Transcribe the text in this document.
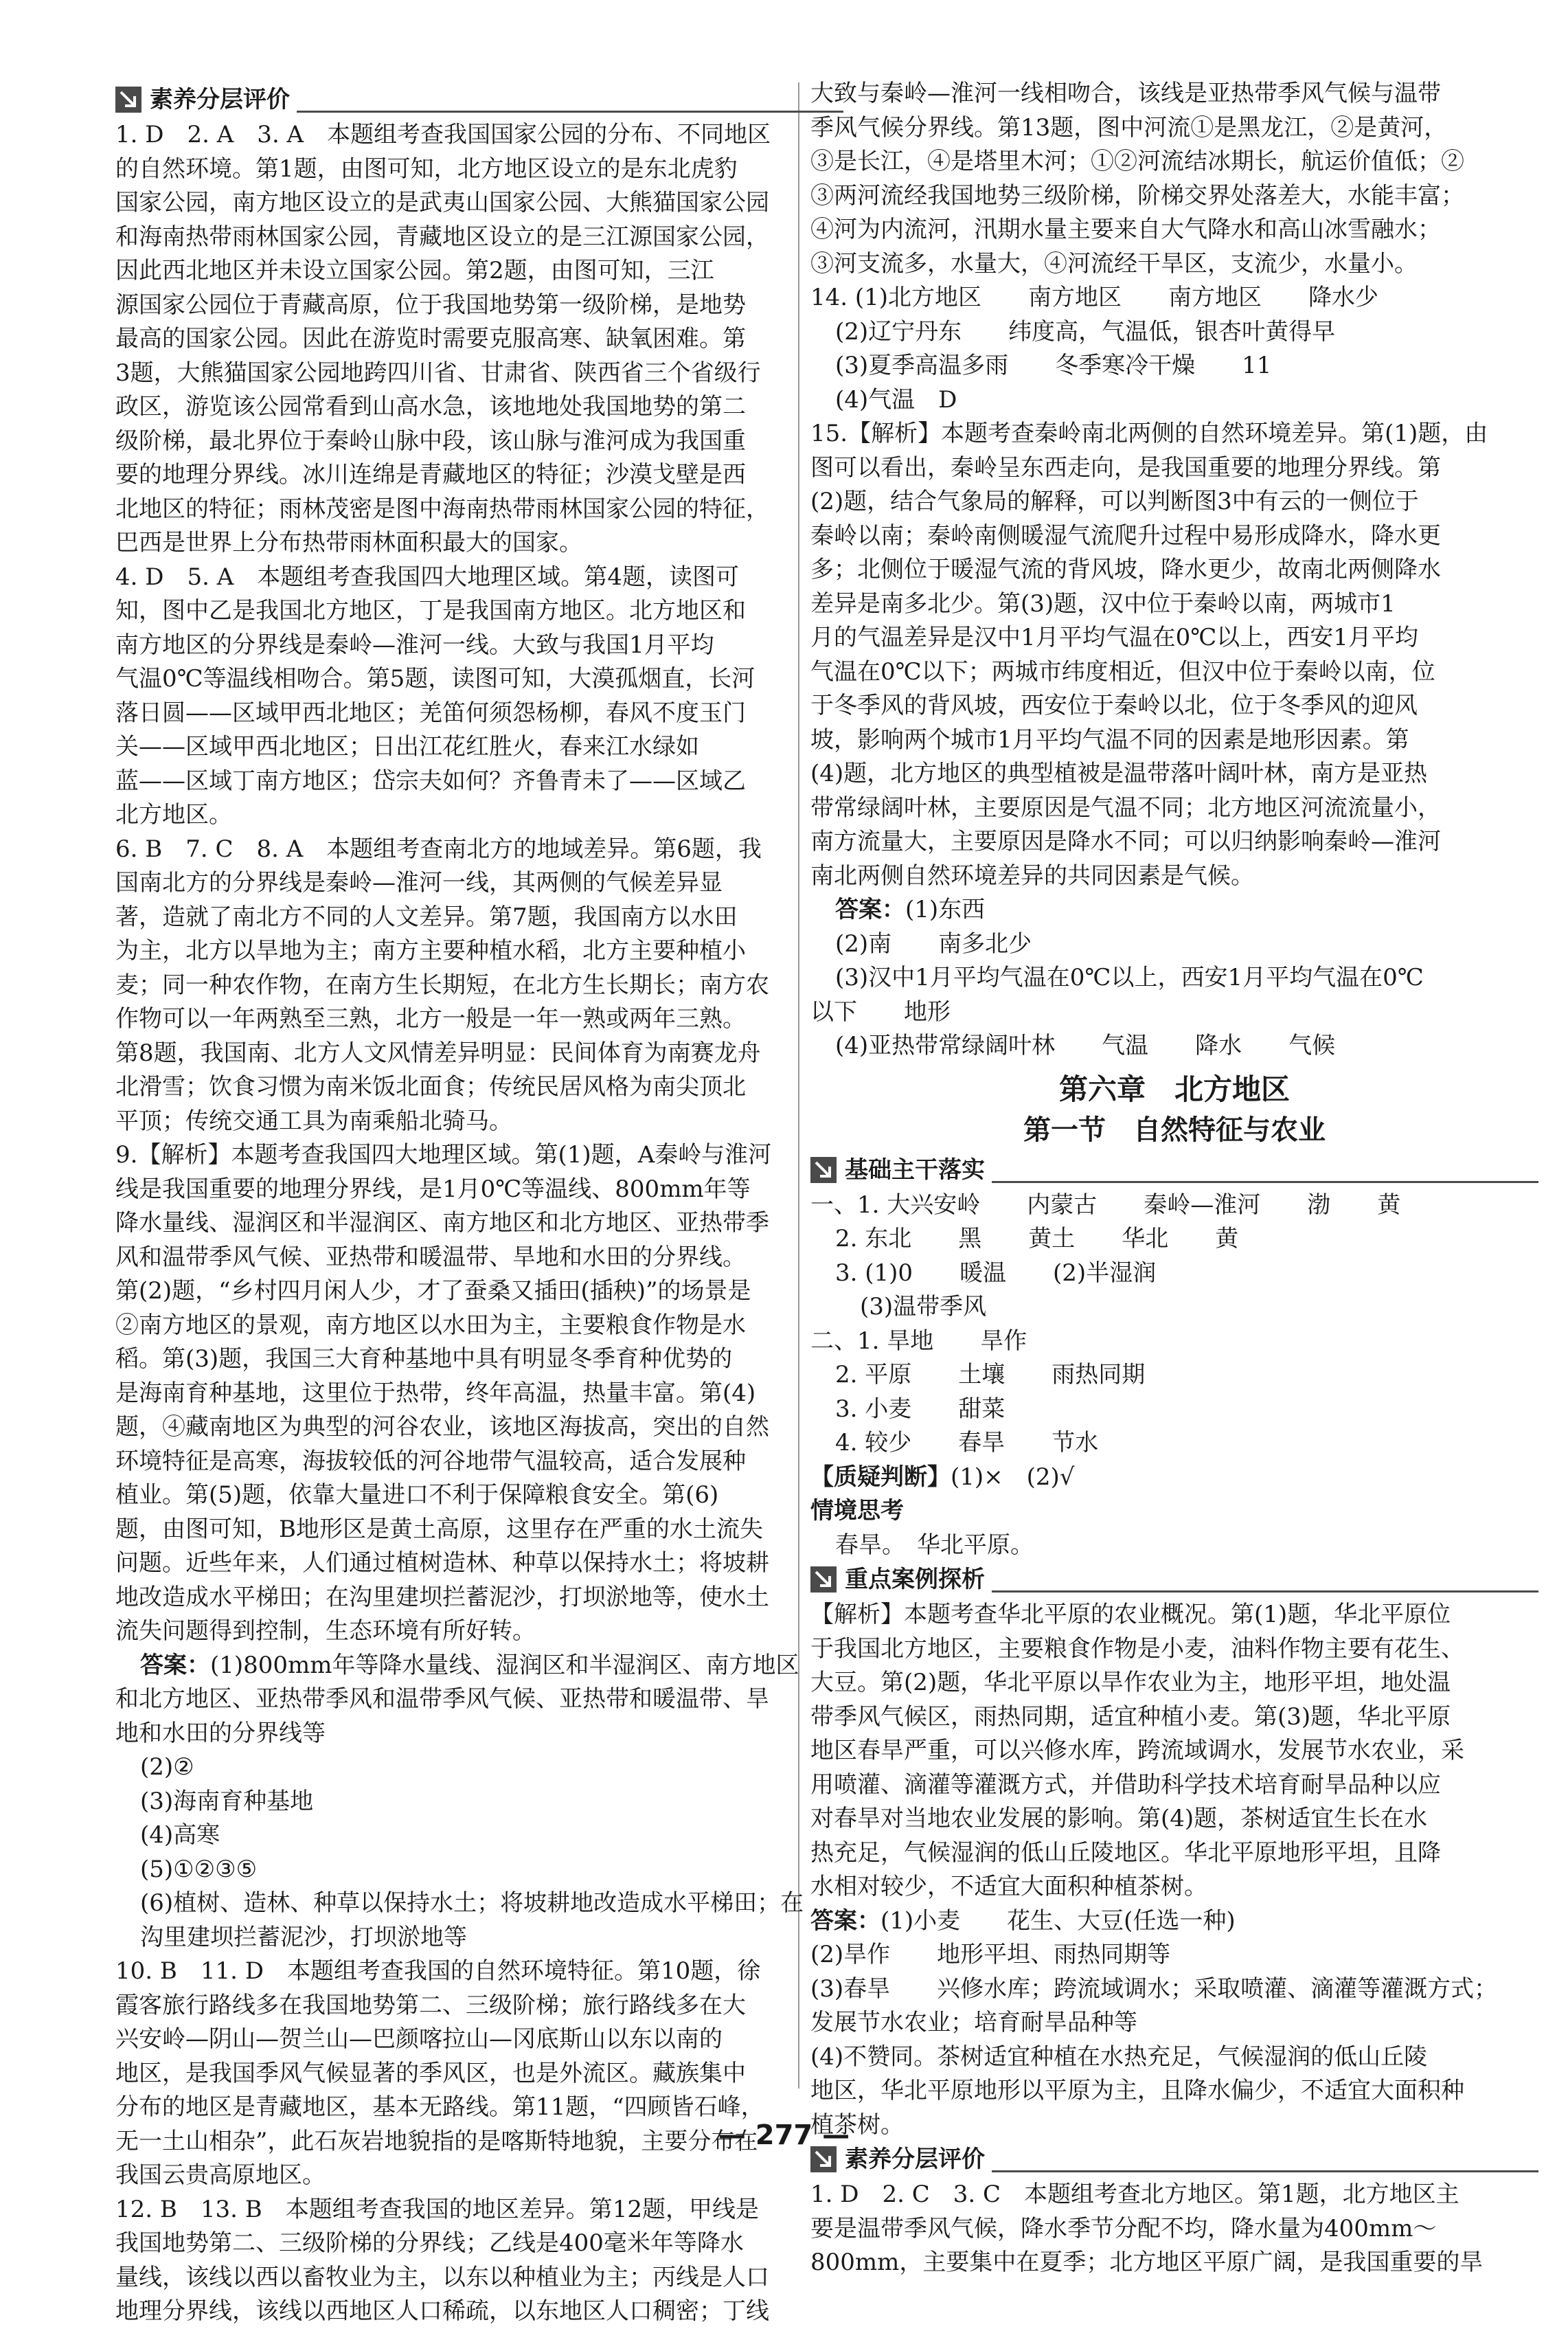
素养分层评价

1. D　2. A　3. A　本题组考查我国国家公园的分布、不同地区

的自然环境。第1题，由图可知，北方地区设立的是东北虎豹

国家公园，南方地区设立的是武夷山国家公园、大熊猫国家公园

和海南热带雨林国家公园，青藏地区设立的是三江源国家公园，

因此西北地区并未设立国家公园。第2题，由图可知，三江

源国家公园位于青藏高原，位于我国地势第一级阶梯，是地势

最高的国家公园。因此在游览时需要克服高寒、缺氧困难。第

3题，大熊猫国家公园地跨四川省、甘肃省、陕西省三个省级行

政区，游览该公园常看到山高水急，该地地处我国地势的第二

级阶梯，最北界位于秦岭山脉中段，该山脉与淮河成为我国重

要的地理分界线。冰川连绵是青藏地区的特征；沙漠戈壁是西

北地区的特征；雨林茂密是图中海南热带雨林国家公园的特征，

巴西是世界上分布热带雨林面积最大的国家。

4. D　5. A　本题组考查我国四大地理区域。第4题，读图可

知，图中乙是我国北方地区，丁是我国南方地区。北方地区和

南方地区的分界线是秦岭—淮河一线。大致与我国1月平均

气温0℃等温线相吻合。第5题，读图可知，大漠孤烟直，长河

落日圆——区域甲西北地区；羌笛何须怨杨柳，春风不度玉门

关——区域甲西北地区；日出江花红胜火，春来江水绿如

蓝——区域丁南方地区；岱宗夫如何？齐鲁青未了——区域乙

北方地区。

6. B　7. C　8. A　本题组考查南北方的地域差异。第6题，我

国南北方的分界线是秦岭—淮河一线，其两侧的气候差异显

著，造就了南北方不同的人文差异。第7题，我国南方以水田

为主，北方以旱地为主；南方主要种植水稻，北方主要种植小

麦；同一种农作物，在南方生长期短，在北方生长期长；南方农

作物可以一年两熟至三熟，北方一般是一年一熟或两年三熟。

第8题，我国南、北方人文风情差异明显：民间体育为南赛龙舟

北滑雪；饮食习惯为南米饭北面食；传统民居风格为南尖顶北

平顶；传统交通工具为南乘船北骑马。

9.【解析】本题考查我国四大地理区域。第(1)题，A秦岭与淮河

线是我国重要的地理分界线，是1月0℃等温线、800mm年等

降水量线、湿润区和半湿润区、南方地区和北方地区、亚热带季

风和温带季风气候、亚热带和暖温带、旱地和水田的分界线。

第(2)题，“乡村四月闲人少，才了蚕桑又插田(插秧)”的场景是

②南方地区的景观，南方地区以水田为主，主要粮食作物是水

稻。第(3)题，我国三大育种基地中具有明显冬季育种优势的

是海南育种基地，这里位于热带，终年高温，热量丰富。第(4)

题，④藏南地区为典型的河谷农业，该地区海拔高，突出的自然

环境特征是高寒，海拔较低的河谷地带气温较高，适合发展种

植业。第(5)题，依靠大量进口不利于保障粮食安全。第(6)

题，由图可知，B地形区是黄土高原，这里存在严重的水土流失

问题。近些年来，人们通过植树造林、种草以保持水土；将坡耕

地改造成水平梯田；在沟里建坝拦蓄泥沙，打坝淤地等，使水土

流失问题得到控制，生态环境有所好转。

答案：(1)800mm年等降水量线、湿润区和半湿润区、南方地区

和北方地区、亚热带季风和温带季风气候、亚热带和暖温带、旱

地和水田的分界线等

(2)②

(3)海南育种基地

(4)高寒

(5)①②③⑤

(6)植树、造林、种草以保持水土；将坡耕地改造成水平梯田；在

沟里建坝拦蓄泥沙，打坝淤地等

10. B　11. D　本题组考查我国的自然环境特征。第10题，徐

霞客旅行路线多在我国地势第二、三级阶梯；旅行路线多在大

兴安岭—阴山—贺兰山—巴颜喀拉山—冈底斯山以东以南的

地区，是我国季风气候显著的季风区，也是外流区。藏族集中

分布的地区是青藏地区，基本无路线。第11题，“四顾皆石峰，

无一土山相杂”，此石灰岩地貌指的是喀斯特地貌，主要分布在

我国云贵高原地区。

12. B　13. B　本题组考查我国的地区差异。第12题，甲线是

我国地势第二、三级阶梯的分界线；乙线是400毫米年等降水

量线，该线以西以畜牧业为主，以东以种植业为主；丙线是人口

地理分界线，该线以西地区人口稀疏，以东地区人口稠密；丁线

大致与秦岭—淮河一线相吻合，该线是亚热带季风气候与温带

季风气候分界线。第13题，图中河流①是黑龙江，②是黄河，

③是长江，④是塔里木河；①②河流结冰期长，航运价值低；②

③两河流经我国地势三级阶梯，阶梯交界处落差大，水能丰富；

④河为内流河，汛期水量主要来自大气降水和高山冰雪融水；

③河支流多，水量大，④河流经干旱区，支流少，水量小。

14. (1)北方地区　　南方地区　　南方地区　　降水少

(2)辽宁丹东　　纬度高，气温低，银杏叶黄得早

(3)夏季高温多雨　　冬季寒冷干燥　　11

(4)气温　D

15.【解析】本题考查秦岭南北两侧的自然环境差异。第(1)题，由

图可以看出，秦岭呈东西走向，是我国重要的地理分界线。第

(2)题，结合气象局的解释，可以判断图3中有云的一侧位于

秦岭以南；秦岭南侧暖湿气流爬升过程中易形成降水，降水更

多；北侧位于暖湿气流的背风坡，降水更少，故南北两侧降水

差异是南多北少。第(3)题，汉中位于秦岭以南，两城市1

月的气温差异是汉中1月平均气温在0℃以上，西安1月平均

气温在0℃以下；两城市纬度相近，但汉中位于秦岭以南，位

于冬季风的背风坡，西安位于秦岭以北，位于冬季风的迎风

坡，影响两个城市1月平均气温不同的因素是地形因素。第

(4)题，北方地区的典型植被是温带落叶阔叶林，南方是亚热

带常绿阔叶林，主要原因是气温不同；北方地区河流流量小，

南方流量大，主要原因是降水不同；可以归纳影响秦岭—淮河

南北两侧自然环境差异的共同因素是气候。

答案：(1)东西

(2)南　　南多北少

(3)汉中1月平均气温在0℃以上，西安1月平均气温在0℃

以下　　地形

(4)亚热带常绿阔叶林　　气温　　降水　　气候

第六章　北方地区
第一节　自然特征与农业
基础主干落实

一、1. 大兴安岭　　内蒙古　　秦岭—淮河　　渤　　黄

2. 东北　　黑　　黄土　　华北　　黄

3. (1)0　　暖温　　(2)半湿润

(3)温带季风

二、1. 旱地　　旱作

2. 平原　　土壤　　雨热同期

3. 小麦　　甜菜

4. 较少　　春旱　　节水

【质疑判断】(1)×　(2)√

情境思考

春旱。　华北平原。

重点案例探析

【解析】本题考查华北平原的农业概况。第(1)题，华北平原位

于我国北方地区，主要粮食作物是小麦，油料作物主要有花生、

大豆。第(2)题，华北平原以旱作农业为主，地形平坦，地处温

带季风气候区，雨热同期，适宜种植小麦。第(3)题，华北平原

地区春旱严重，可以兴修水库，跨流域调水，发展节水农业，采

用喷灌、滴灌等灌溉方式，并借助科学技术培育耐旱品种以应

对春旱对当地农业发展的影响。第(4)题，茶树适宜生长在水

热充足，气候湿润的低山丘陵地区。华北平原地形平坦，且降

水相对较少，不适宜大面积种植茶树。

答案：(1)小麦　　花生、大豆(任选一种)

(2)旱作　　地形平坦、雨热同期等

(3)春旱　　兴修水库；跨流域调水；采取喷灌、滴灌等灌溉方式；

发展节水农业；培育耐旱品种等

(4)不赞同。茶树适宜种植在水热充足，气候湿润的低山丘陵

地区，华北平原地形以平原为主，且降水偏少，不适宜大面积种

植茶树。

素养分层评价

1. D　2. C　3. C　本题组考查北方地区。第1题，北方地区主

要是温带季风气候，降水季节分配不均，降水量为400mm～

800mm，主要集中在夏季；北方地区平原广阔，是我国重要的旱

— 277 —
